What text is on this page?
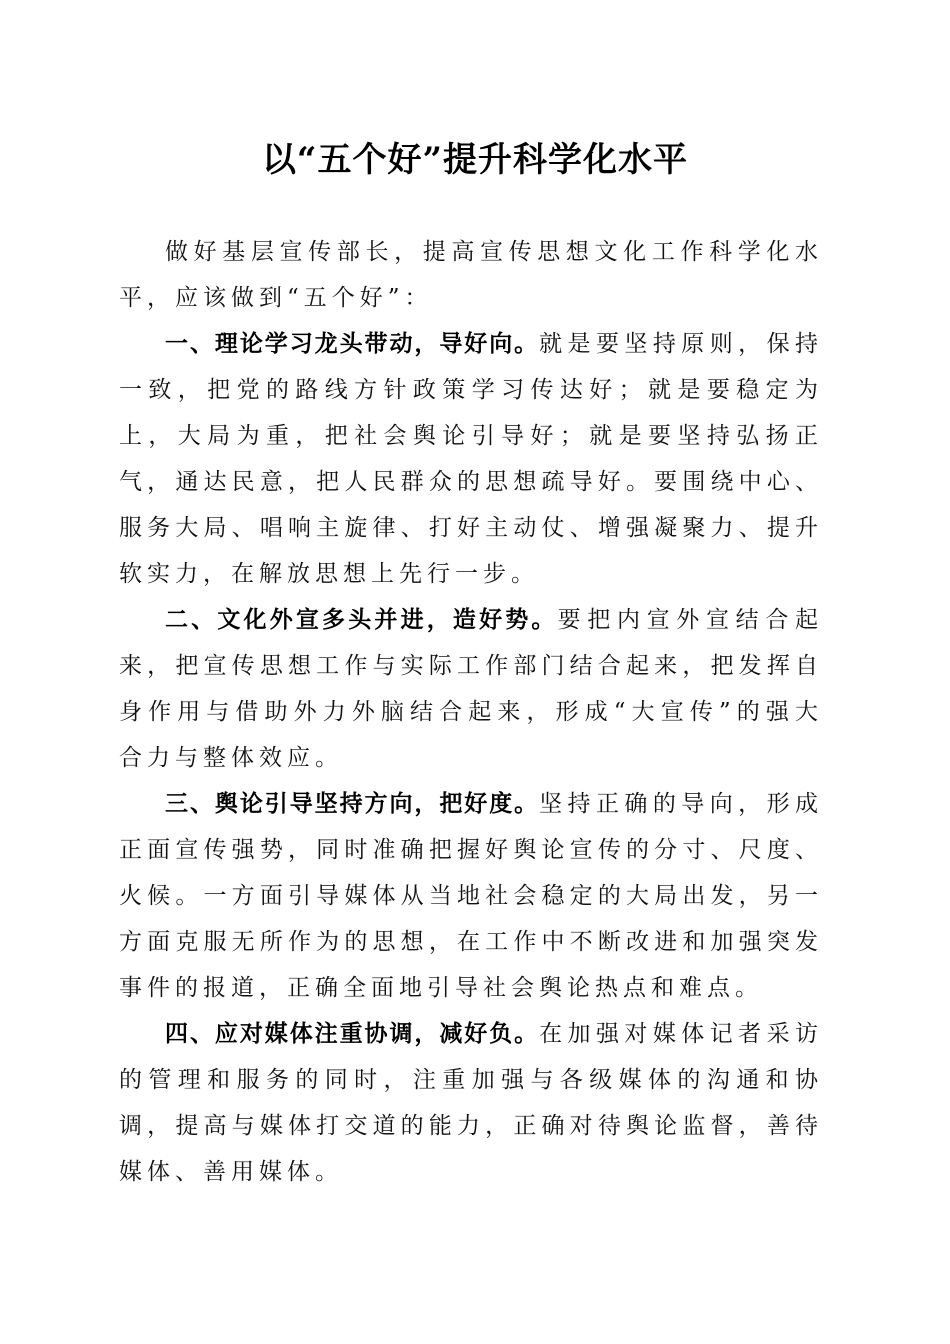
以“五个好”提升科学化水平

做好基层宣传部长，提高宣传思想文化工作科学化水平，应该做到“五个好”：

一、理论学习龙头带动，导好向。就是要坚持原则，保持一致，把党的路线方针政策学习传达好；就是要稳定为上，大局为重，把社会舆论引导好；就是要坚持弘扬正气，通达民意，把人民群众的思想疏导好。要围绕中心、服务大局、唱响主旋律、打好主动仗、增强凝聚力、提升软实力，在解放思想上先行一步。

二、文化外宣多头并进，造好势。要把内宣外宣结合起来，把宣传思想工作与实际工作部门结合起来，把发挥自身作用与借助外力外脑结合起来，形成“大宣传”的强大合力与整体效应。

三、舆论引导坚持方向，把好度。坚持正确的导向，形成正面宣传强势，同时准确把握好舆论宣传的分寸、尺度、火候。一方面引导媒体从当地社会稳定的大局出发，另一方面克服无所作为的思想，在工作中不断改进和加强突发事件的报道，正确全面地引导社会舆论热点和难点。

四、应对媒体注重协调，减好负。在加强对媒体记者采访的管理和服务的同时，注重加强与各级媒体的沟通和协调，提高与媒体打交道的能力，正确对待舆论监督，善待媒体、善用媒体。
